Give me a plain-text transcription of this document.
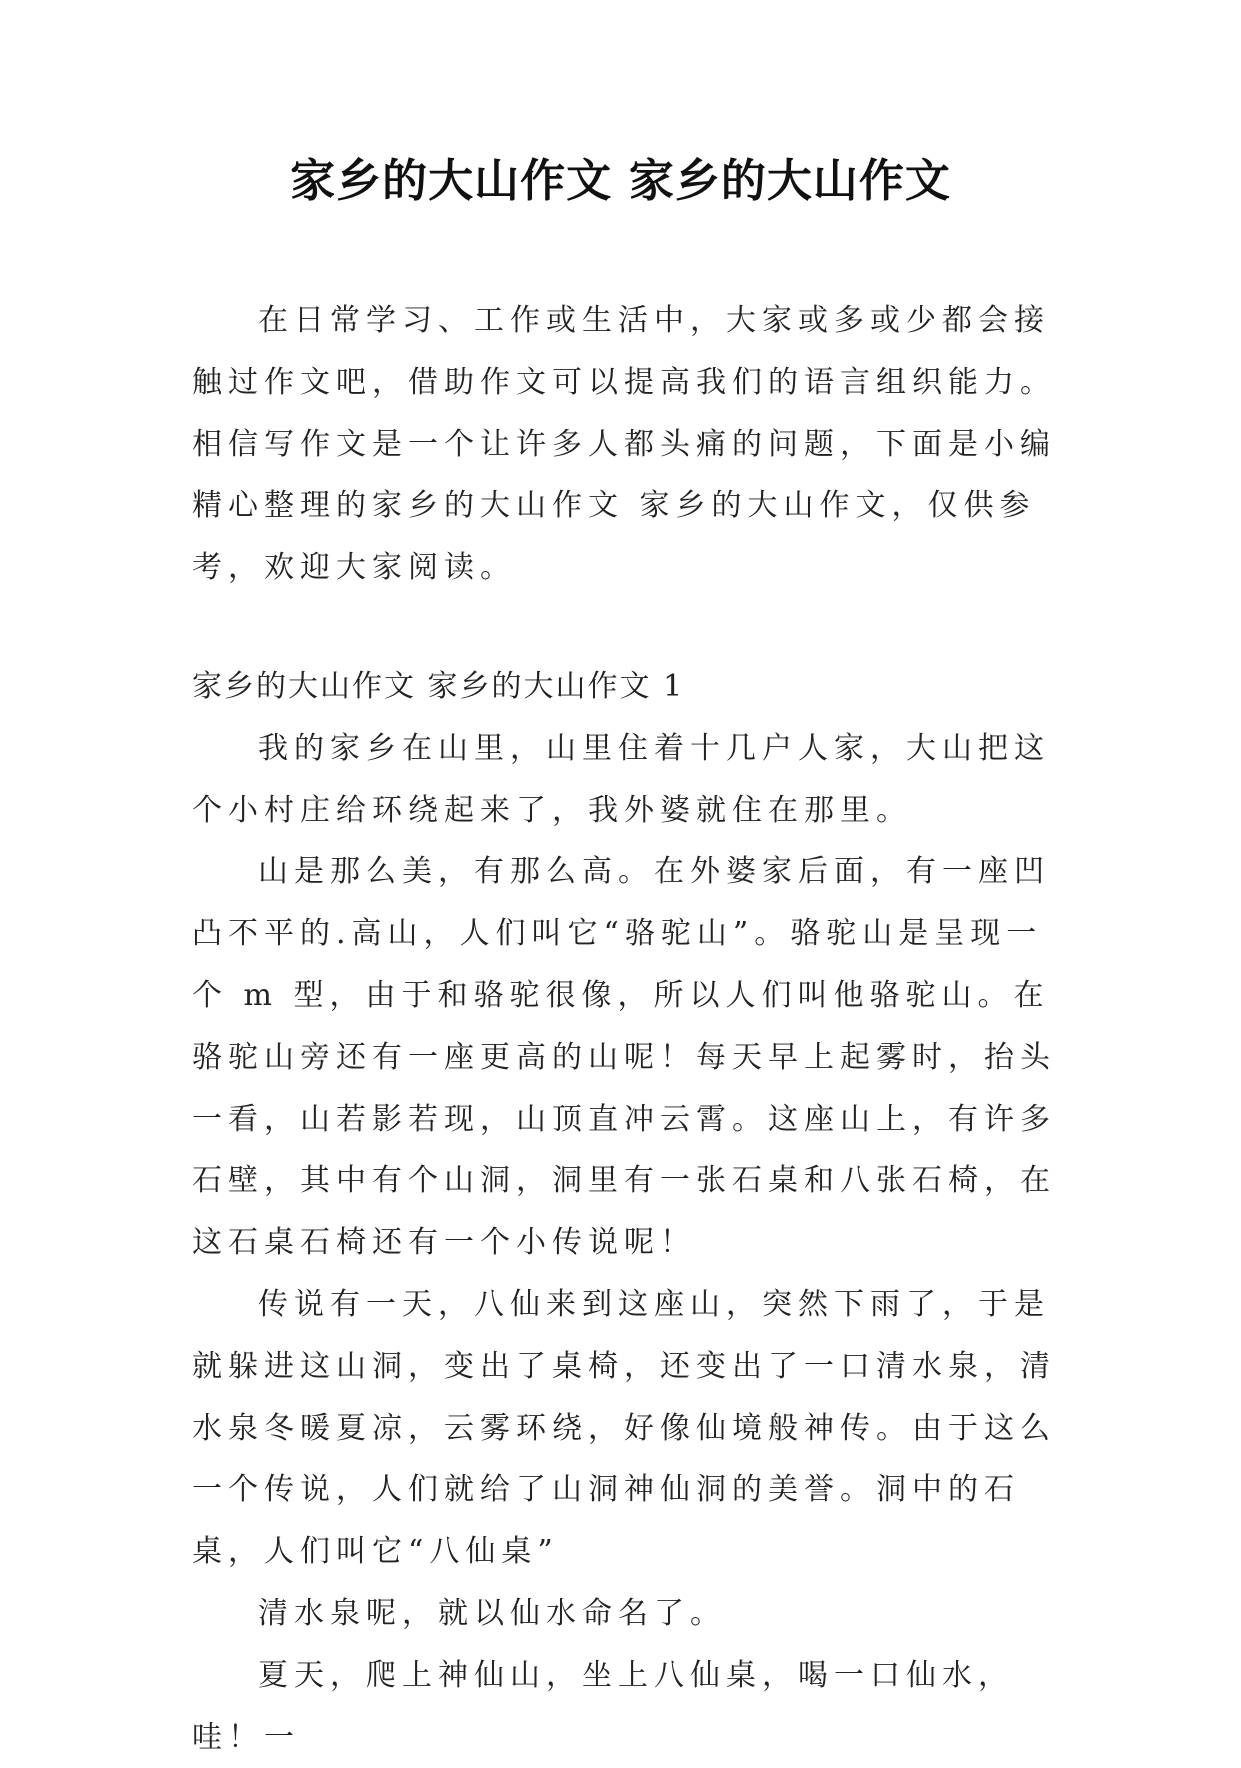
家乡的大山作文 家乡的大山作文

在日常学习、工作或生活中，大家或多或少都会接触过作文吧，借助作文可以提高我们的语言组织能力。相信写作文是一个让许多人都头痛的问题，下面是小编精心整理的家乡的大山作文 家乡的大山作文，仅供参考，欢迎大家阅读。

家乡的大山作文 家乡的大山作文 1

我的家乡在山里，山里住着十几户人家，大山把这个小村庄给环绕起来了，我外婆就住在那里。

山是那么美，有那么高。在外婆家后面，有一座凹凸不平的.高山，人们叫它“骆驼山”。骆驼山是呈现一个 m 型，由于和骆驼很像，所以人们叫他骆驼山。在骆驼山旁还有一座更高的山呢！每天早上起雾时，抬头一看，山若影若现，山顶直冲云霄。这座山上，有许多石壁，其中有个山洞，洞里有一张石桌和八张石椅，在这石桌石椅还有一个小传说呢！

传说有一天，八仙来到这座山，突然下雨了，于是就躲进这山洞，变出了桌椅，还变出了一口清水泉，清水泉冬暖夏凉，云雾环绕，好像仙境般神传。由于这么一个传说，人们就给了山洞神仙洞的美誉。洞中的石桌，人们叫它“八仙桌”

清水泉呢，就以仙水命名了。

夏天，爬上神仙山，坐上八仙桌，喝一口仙水，哇！一
